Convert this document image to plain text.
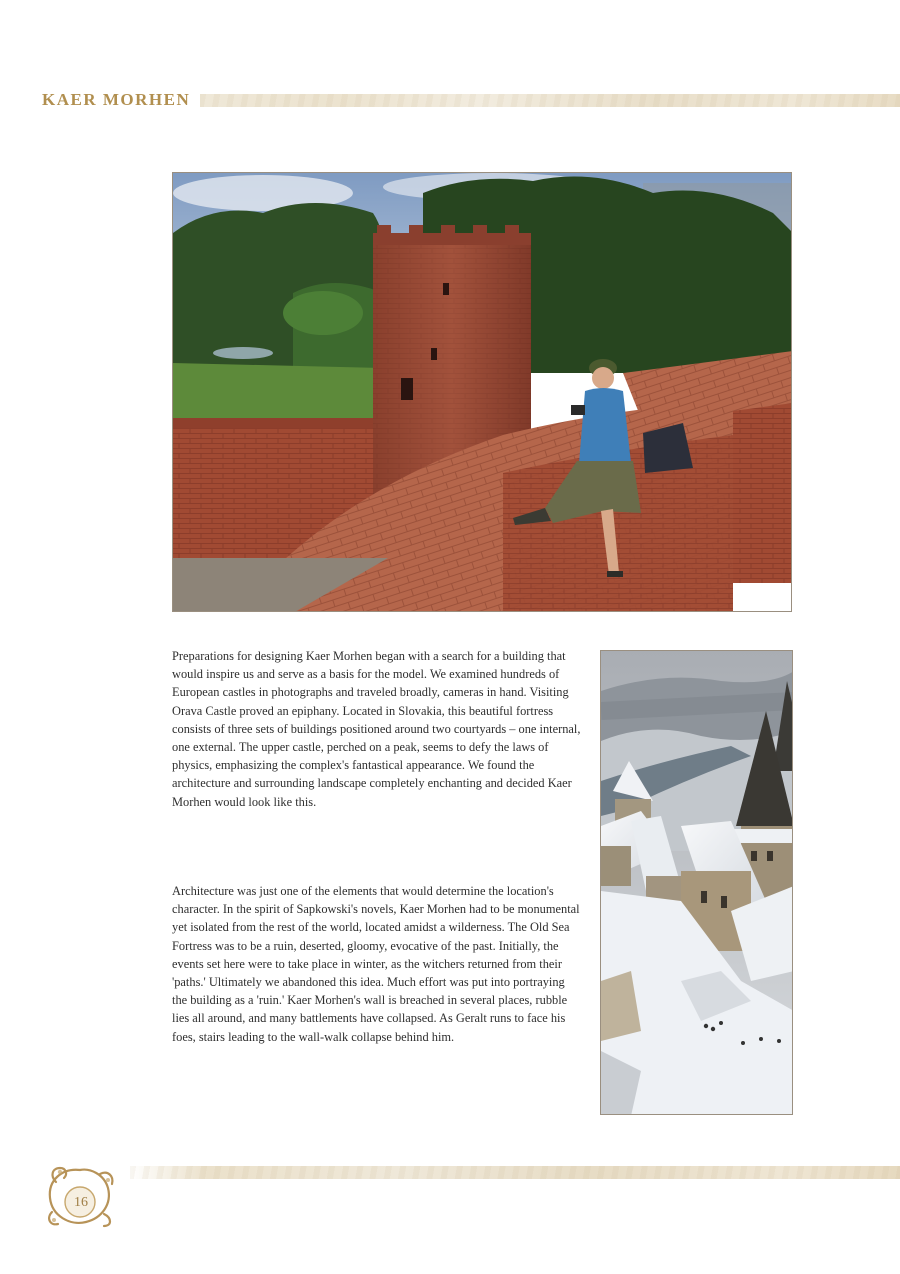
KAER MORHEN

Preparations for designing Kaer Morhen began with a search for a building that would inspire us and serve as a basis for the model. We examined hundreds of European castles in photographs and traveled broadly, cameras in hand. Visiting Orava Castle proved an epiphany. Located in Slovakia, this beautiful fortress consists of three sets of buildings positioned around two courtyards – one internal, one external. The upper castle, perched on a peak, seems to defy the laws of physics, emphasizing the complex's fantastical appearance. We found the architecture and surrounding landscape completely enchanting and decided Kaer Morhen would look like this.

Architecture was just one of the elements that would determine the location's character. In the spirit of Sapkowski's novels, Kaer Morhen had to be monumental yet isolated from the rest of the world, located amidst a wilderness. The Old Sea Fortress was to be a ruin, deserted, gloomy, evocative of the past. Initially, the events set here were to take place in winter, as the witchers returned from their 'paths.' Ultimately we abandoned this idea. Much effort was put into portraying the building as a 'ruin.' Kaer Morhen's wall is breached in several places, rubble lies all around, and many battlements have collapsed. As Geralt runs to face his foes, stairs leading to the wall-walk collapse behind him.

16
